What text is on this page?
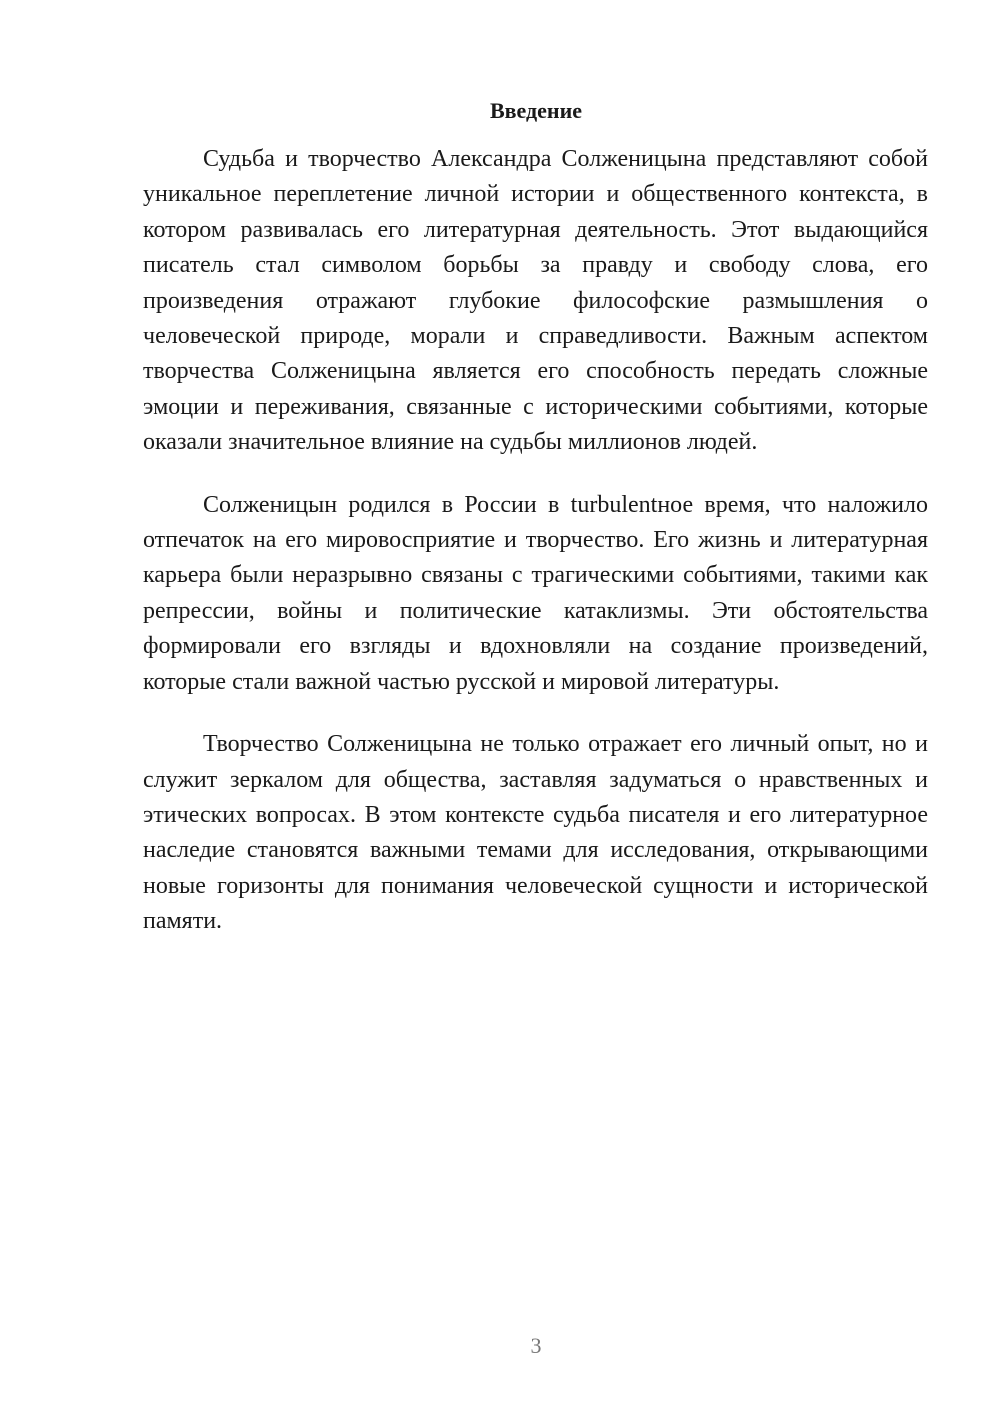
Введение

Судьба и творчество Александра Солженицына представляют собой уникальное переплетение личной истории и общественного контекста, в котором развивалась его литературная деятельность. Этот выдающийся писатель стал символом борьбы за правду и свободу слова, его произведения отражают глубокие философские размышления о человеческой природе, морали и справедливости. Важным аспектом творчества Солженицына является его способность передать сложные эмоции и переживания, связанные с историческими событиями, которые оказали значительное влияние на судьбы миллионов людей.

Солженицын родился в России в turbulentное время, что наложило отпечаток на его мировосприятие и творчество. Его жизнь и литературная карьера были неразрывно связаны с трагическими событиями, такими как репрессии, войны и политические катаклизмы. Эти обстоятельства формировали его взгляды и вдохновляли на создание произведений, которые стали важной частью русской и мировой литературы.

Творчество Солженицына не только отражает его личный опыт, но и служит зеркалом для общества, заставляя задуматься о нравственных и этических вопросах. В этом контексте судьба писателя и его литературное наследие становятся важными темами для исследования, открывающими новые горизонты для понимания человеческой сущности и исторической памяти.

3
